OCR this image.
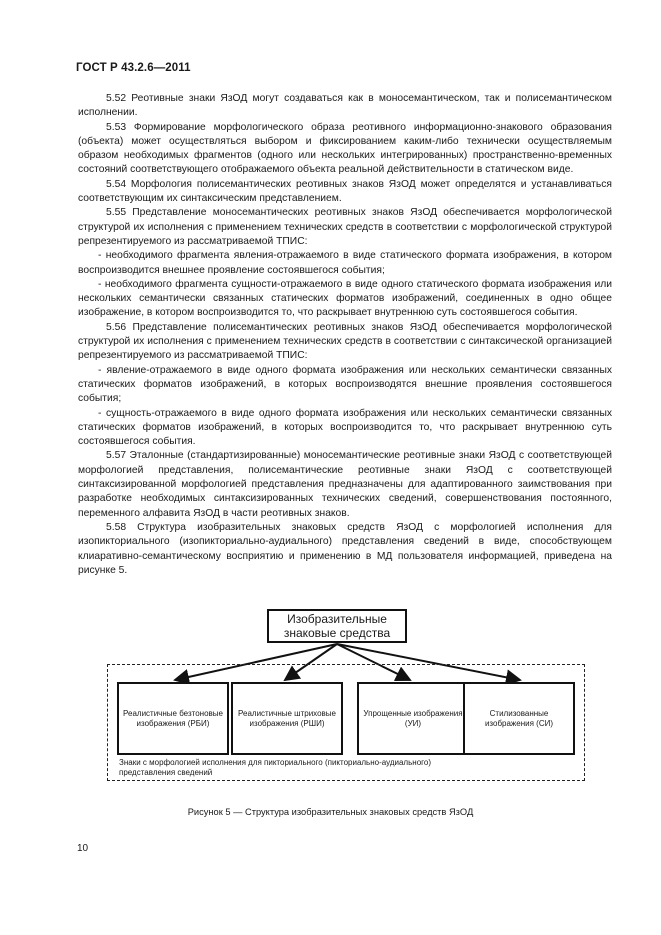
ГОСТ Р 43.2.6—2011

5.52 Реотивные знаки ЯзОД могут создаваться как в моносемантическом, так и полисемантическом исполнении.

5.53 Формирование морфологического образа реотивного информационно-знакового образования (объекта) может осуществляться выбором и фиксированием каким-либо технически осуществляемым образом необходимых фрагментов (одного или нескольких интегрированных) пространственно-временных состояний соответствующего отображаемого объекта реальной действительности в статическом виде.

5.54 Морфология полисемантических реотивных знаков ЯзОД может определятся и устанавливаться соответствующим их синтаксическим представлением.

5.55 Представление моносемантических реотивных знаков ЯзОД обеспечивается морфологической структурой их исполнения с применением технических средств в соответствии с морфологической структурой репрезентируемого из рассматриваемой ТПИС:

- необходимого фрагмента явления-отражаемого в виде статического формата изображения, в котором воспроизводится внешнее проявление состоявшегося события;

- необходимого фрагмента сущности-отражаемого в виде одного статического формата изображения или нескольких семантически связанных статических форматов изображений, соединенных в одно общее изображение, в котором воспроизводится то, что раскрывает внутреннюю суть состоявшегося события.

5.56 Представление полисемантических реотивных знаков ЯзОД обеспечивается морфологической структурой их исполнения с применением технических средств в соответствии с синтаксической организацией репрезентируемого из рассматриваемой ТПИС:

- явление-отражаемого в виде одного формата изображения или нескольких семантически связанных статических форматов изображений, в которых воспроизводятся внешние проявления состоявшегося события;

- сущность-отражаемого в виде одного формата изображения или нескольких семантически связанных статических форматов изображений, в которых воспроизводится то, что раскрывает внутреннюю суть состоявшегося события.

5.57 Эталонные (стандартизированные) моносемантические реотивные знаки ЯзОД с соответствующей морфологией представления, полисемантические реотивные знаки ЯзОД с соответствующей синтаксизированной морфологией представления предназначены для адаптированного заимствования при разработке необходимых синтаксизированных технических сведений, совершенствования постоянного, переменного алфавита ЯзОД в части реотивных знаков.

5.58 Структура изобразительных знаковых средств ЯзОД с морфологией исполнения для изопикториального (изопикториально-аудиального) представления сведений в виде, способствующем клиаративно-семантическому восприятию и применению в МД пользователя информацией, приведена на рисунке 5.

Изобразительные знаковые средства
Реалистичные безтоновые изображения (РБИ)
Реалистичные штриховые изображения (РШИ)
Упрощенные изображения (УИ)
Стилизованные изображения (СИ)
Знаки с морфологией исполнения для пикториального (пикториально-аудиального) представления сведений
Рисунок 5 — Структура изобразительных знаковых средств ЯзОД
10
